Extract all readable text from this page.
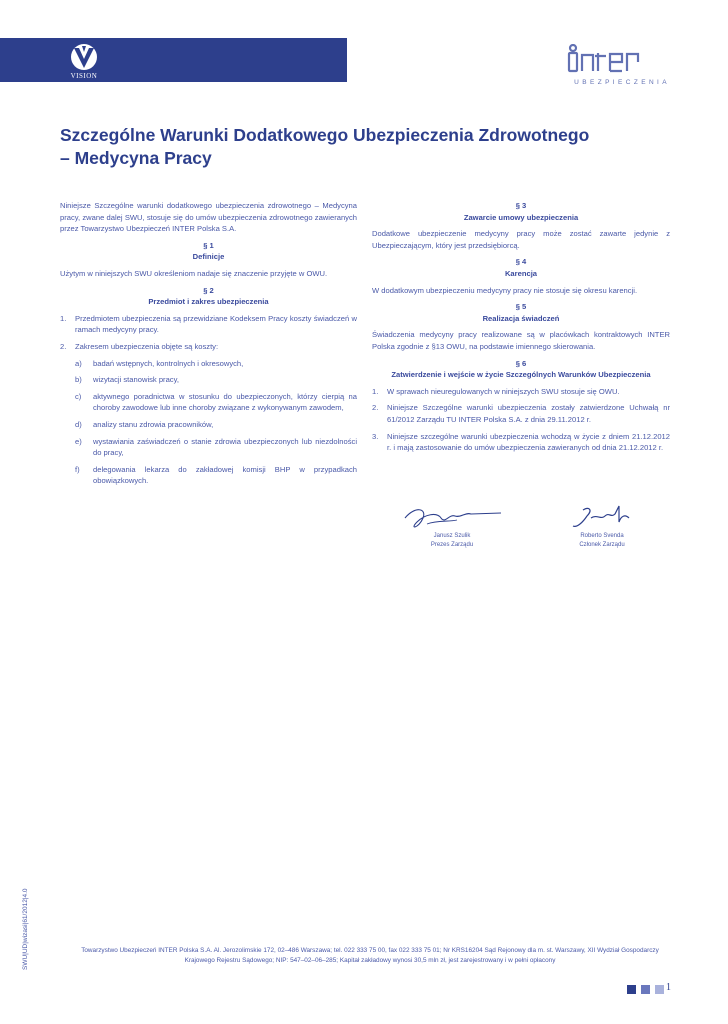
VISION
UBEZPIECZENIA
Szczególne Warunki Dodatkowego Ubezpieczenia Zdrowotnego
– Medycyna Pracy

Niniejsze Szczególne warunki dodatkowego ubezpieczenia zdrowotnego – Medycyna pracy, zwane dalej SWU, stosuje się do umów ubezpieczenia zdrowotnego zawieranych przez Towarzystwo Ubezpieczeń INTER Polska S.A.

§ 1
Definicje

Użytym w niniejszych SWU określeniom nadaje się znaczenie przyjęte w OWU.

§ 2
Przedmiot i zakres ubezpieczenia
1. Przedmiotem ubezpieczenia są przewidziane Kodeksem Pracy koszty świadczeń w ramach medycyny pracy.
2. Zakresem ubezpieczenia objęte są koszty:
a) badań wstępnych, kontrolnych i okresowych,
b) wizytacji stanowisk pracy,
c) aktywnego poradnictwa w stosunku do ubezpieczonych, którzy cierpią na choroby zawodowe lub inne choroby związane z wykonywanym zawodem,
d) analizy stanu zdrowia pracowników,
e) wystawiania zaświadczeń o stanie zdrowia ubezpieczonych lub niezdolności do pracy,
f) delegowania lekarza do zakładowej komisji BHP w przypadkach obowiązkowych.
§ 3
Zawarcie umowy ubezpieczenia

Dodatkowe ubezpieczenie medycyny pracy może zostać zawarte jedynie z Ubezpieczającym, który jest przedsiębiorcą.

§ 4
Karencja

W dodatkowym ubezpieczeniu medycyny pracy nie stosuje się okresu karencji.

§ 5
Realizacja świadczeń

Świadczenia medycyny pracy realizowane są w placówkach kontraktowych INTER Polska zgodnie z §13 OWU, na podstawie imiennego skierowania.

§ 6
Zatwierdzenie i wejście w życie Szczególnych Warunków Ubezpieczenia
1. W sprawach nieuregulowanych w niniejszych SWU stosuje się OWU.
2. Niniejsze Szczególne warunki ubezpieczenia zostały zatwierdzone Uchwałą nr 61/2012 Zarządu TU INTER Polska S.A. z dnia 29.11.2012 r.
3. Niniejsze szczególne warunki ubezpieczenia wchodzą w życie z dniem 21.12.2012 r. i mają zastosowanie do umów ubezpieczenia zawieranych od dnia 21.12.2012 r.
Janusz Szulik
Prezes Zarządu
Roberto Svenda
Członek Zarządu
SWU|UD|wizasi|61/2012|4.0	Towarzystwo Ubezpieczeń INTER Polska S.A. Al. Jerozolimskie 172, 02–486 Warszawa; tel. 022 333 75 00, fax 022 333 75 01; Nr KRS16204 Sąd Rejonowy dla m. st. Warszawy, XII Wydział Gospodarczy
Krajowego Rejestru Sądowego; NIP: 547–02–06–285; Kapitał zakładowy wynosi 30,5 mln zł, jest zarejestrowany i w pełni opłacony
1
